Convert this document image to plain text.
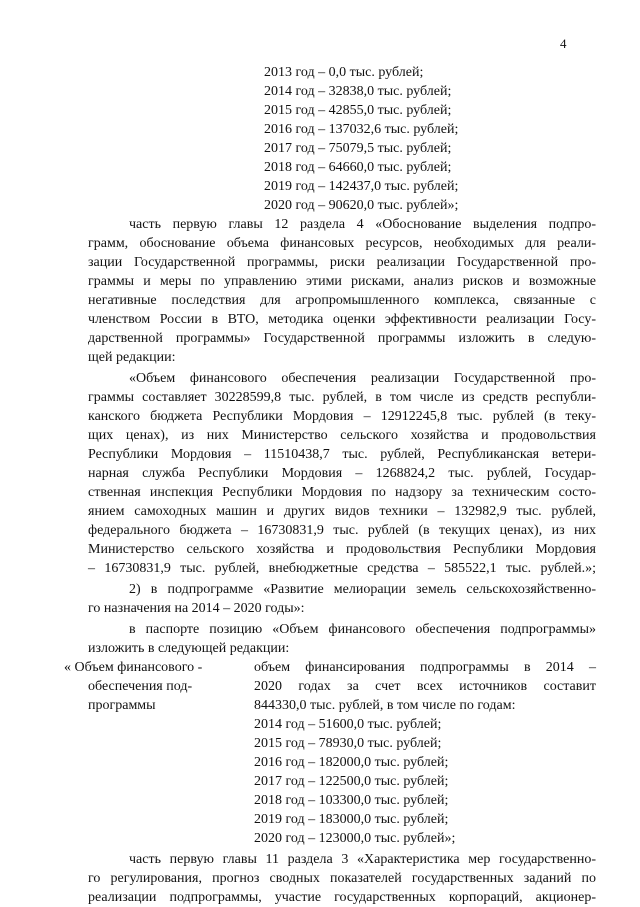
4
2013 год – 0,0 тыс. рублей;
2014 год – 32838,0 тыс. рублей;
2015 год – 42855,0 тыс. рублей;
2016 год – 137032,6 тыс. рублей;
2017 год – 75079,5 тыс. рублей;
2018 год – 64660,0 тыс. рублей;
2019 год – 142437,0 тыс. рублей;
2020 год – 90620,0 тыс. рублей»;
часть первую главы 12 раздела 4 «Обоснование выделения подпро-
грамм, обоснование объема финансовых ресурсов, необходимых для реали-
зации Государственной программы, риски реализации Государственной про-
граммы и меры по управлению этими рисками, анализ рисков и возможные
негативные последствия для агропромышленного комплекса, связанные с
членством России в ВТО, методика оценки эффективности реализации Госу-
дарственной программы» Государственной программы изложить в следую-
щей редакции:
«Объем финансового обеспечения реализации Государственной про-
граммы составляет 30228599,8 тыс. рублей, в том числе из средств республи-
канского бюджета Республики Мордовия – 12912245,8 тыс. рублей (в теку-
щих ценах), из них Министерство сельского хозяйства и продовольствия
Республики Мордовия – 11510438,7 тыс. рублей, Республиканская ветери-
нарная служба Республики Мордовия – 1268824,2 тыс. рублей, Государ-
ственная инспекция Республики Мордовия по надзору за техническим состо-
янием самоходных машин и других видов техники – 132982,9 тыс. рублей,
федерального бюджета – 16730831,9 тыс. рублей (в текущих ценах), из них
Министерство сельского хозяйства и продовольствия Республики Мордовия
– 16730831,9 тыс. рублей, внебюджетные средства – 585522,1 тыс. рублей.»;
2) в подпрограмме «Развитие мелиорации земель сельскохозяйственно-
го назначения на 2014 – 2020 годы»:
в паспорте позицию «Объем финансового обеспечения подпрограммы»
изложить в следующей редакции:
« Объем финансового -
обеспечения под-
программы
объем финансирования подпрограммы в 2014 –
2020 годах за счет всех источников составит
844330,0 тыс. рублей, в том числе по годам:
2014 год – 51600,0 тыс. рублей;
2015 год – 78930,0 тыс. рублей;
2016 год – 182000,0 тыс. рублей;
2017 год – 122500,0 тыс. рублей;
2018 год – 103300,0 тыс. рублей;
2019 год – 183000,0 тыс. рублей;
2020 год – 123000,0 тыс. рублей»;
часть первую главы 11 раздела 3 «Характеристика мер государственно-
го регулирования, прогноз сводных показателей государственных заданий по
реализации подпрограммы, участие государственных корпораций, акционер-
